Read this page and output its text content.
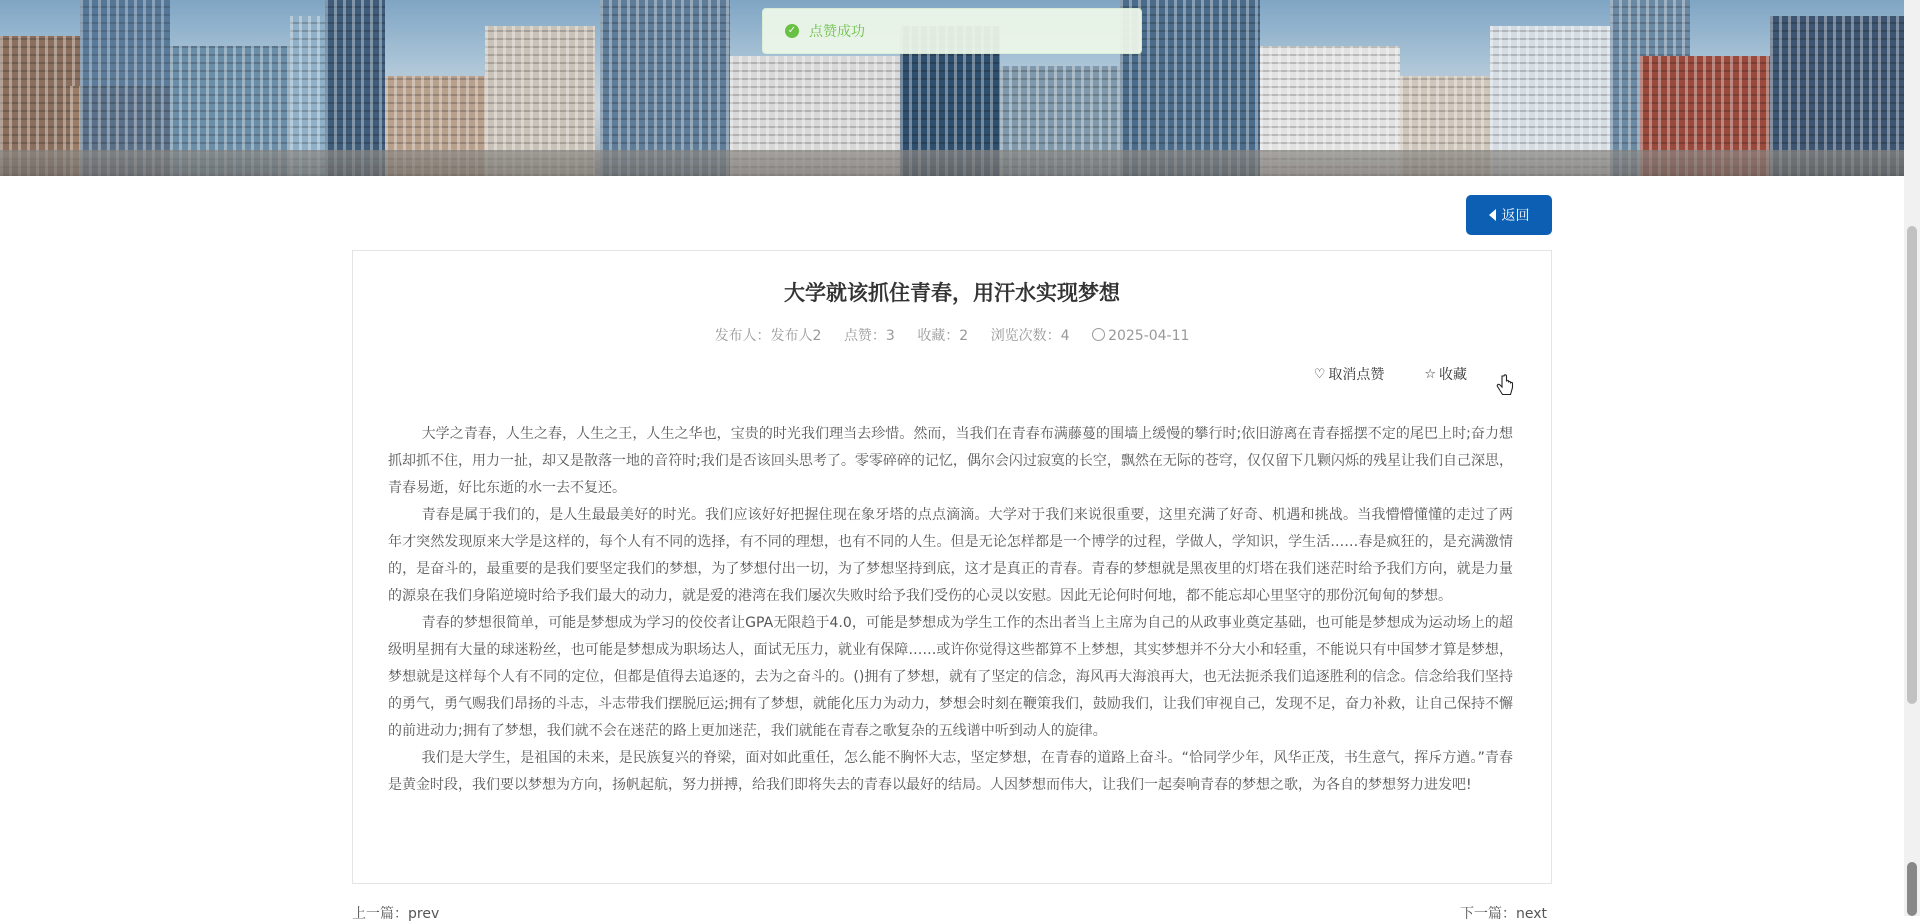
✓ 点赞成功
返回
大学就该抓住青春，用汗水实现梦想
发布人：发布人2 点赞：3 收藏：2 浏览次数：4	2025-04-11
♡ 取消点赞	☆ 收藏

大学之青春，人生之春，人生之王，人生之华也，宝贵的时光我们理当去珍惜。然而，当我们在青春布满藤蔓的围墙上缓慢的攀行时;依旧游离在青春摇摆不定的尾巴上时;奋力想抓却抓不住，用力一扯，却又是散落一地的音符时;我们是否该回头思考了。零零碎碎的记忆，偶尔会闪过寂寞的长空，飘然在无际的苍穹，仅仅留下几颗闪烁的残星让我们自己深思，青春易逝，好比东逝的水一去不复还。

青春是属于我们的，是人生最最美好的时光。我们应该好好把握住现在象牙塔的点点滴滴。大学对于我们来说很重要，这里充满了好奇、机遇和挑战。当我懵懵懂懂的走过了两年才突然发现原来大学是这样的，每个人有不同的选择，有不同的理想，也有不同的人生。但是无论怎样都是一个博学的过程，学做人，学知识，学生活……春是疯狂的，是充满激情的，是奋斗的，最重要的是我们要坚定我们的梦想，为了梦想付出一切，为了梦想坚持到底，这才是真正的青春。青春的梦想就是黑夜里的灯塔在我们迷茫时给予我们方向，就是力量的源泉在我们身陷逆境时给予我们最大的动力，就是爱的港湾在我们屡次失败时给予我们受伤的心灵以安慰。因此无论何时何地，都不能忘却心里坚守的那份沉甸甸的梦想。

青春的梦想很简单，可能是梦想成为学习的佼佼者让GPA无限趋于4.0，可能是梦想成为学生工作的杰出者当上主席为自己的从政事业奠定基础，也可能是梦想成为运动场上的超级明星拥有大量的球迷粉丝，也可能是梦想成为职场达人，面试无压力，就业有保障……或许你觉得这些都算不上梦想，其实梦想并不分大小和轻重，不能说只有中国梦才算是梦想，梦想就是这样每个人有不同的定位，但都是值得去追逐的，去为之奋斗的。()拥有了梦想，就有了坚定的信念，海风再大海浪再大，也无法扼杀我们追逐胜利的信念。信念给我们坚持的勇气，勇气赐我们昂扬的斗志，斗志带我们摆脱厄运;拥有了梦想，就能化压力为动力，梦想会时刻在鞭策我们，鼓励我们，让我们审视自己，发现不足，奋力补救，让自己保持不懈的前进动力;拥有了梦想，我们就不会在迷茫的路上更加迷茫，我们就能在青春之歌复杂的五线谱中听到动人的旋律。

我们是大学生，是祖国的未来，是民族复兴的脊梁，面对如此重任，怎么能不胸怀大志，坚定梦想，在青春的道路上奋斗。“恰同学少年，风华正茂，书生意气，挥斥方遒。”青春是黄金时段，我们要以梦想为方向，扬帆起航，努力拼搏，给我们即将失去的青春以最好的结局。人因梦想而伟大，让我们一起奏响青春的梦想之歌，为各自的梦想努力进发吧!

上一篇：prev	下一篇：next
